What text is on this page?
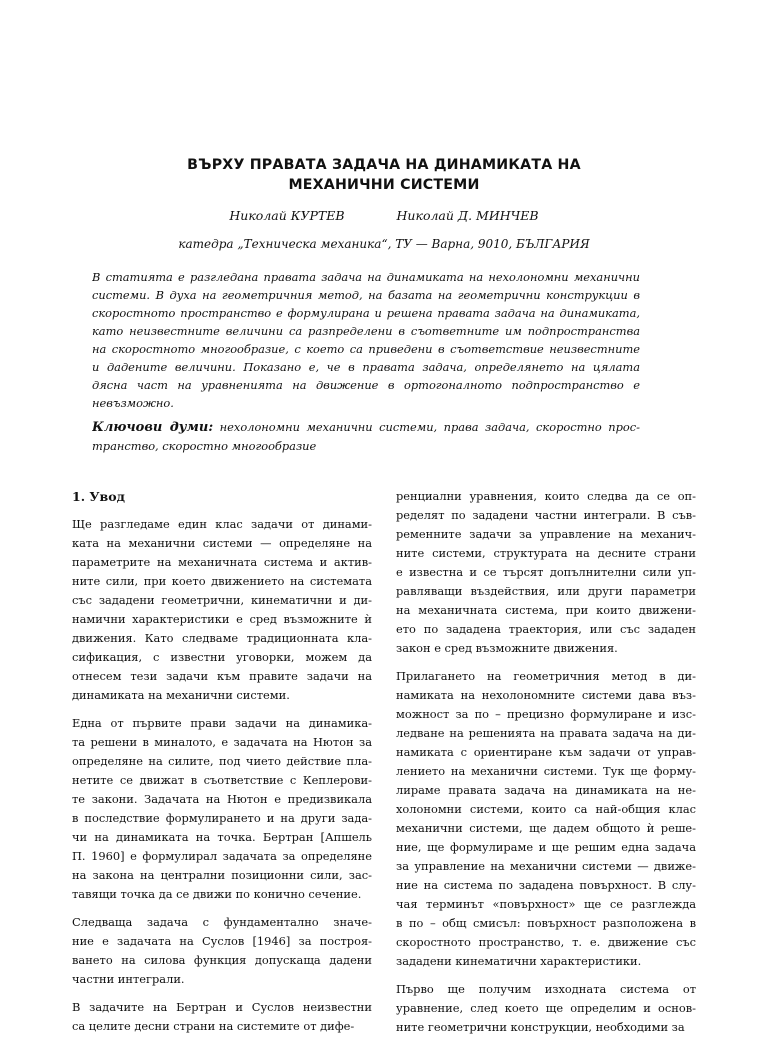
ВЪРХУ ПРАВАТА ЗАДАЧА НА ДИНАМИКАТА НА
МЕХАНИЧНИ СИСТЕМИ
Николай КУРТЕВ	Николай Д. МИНЧЕВ
катедра „Техническа механика“, ТУ — Варна, 9010, БЪЛГАРИЯ
В статията е разгледана правата задача на динамиката на нехолономни механични
системи. В духа на геометричния метод, на базата на геометрични конструкции в
скоростното пространство е формулирана и решена правата задача на динамиката,
като неизвестните величини са разпределени в съответните им подпространства
на скоростното многообразие, с което са приведени в съответствие неизвестните
и дадените величини. Показано е, че в правата задача, определянето на цялата
дясна част на уравненията на движение в ортогоналното подпространство е
невъзможно.
Ключови думи: нехолономни механични системи, права задача, скоростно прос-
транство, скоростно многообразие
1. Увод
Ще разгледаме един клас задачи от динами-
ката на механични системи — определяне на
параметрите на механичната система и актив-
ните сили, при което движението на системата
със зададени геометрични, кинематични и ди-
намични характеристики е сред възможните ѝ
движения. Като следваме традиционната кла-
сификация, с известни уговорки, можем да
отнесем тези задачи към правите задачи на
динамиката на механични системи.
Една от първите прави задачи на динамика-
та решени в миналото, е задачата на Нютон за
определяне на силите, под чието действие пла-
нетите се движат в съответствие с Кеплерови-
те закони. Задачата на Нютон е предизвикала
в последствие формулирането и на други зада-
чи на динамиката на точка. Бертран [Апшель
П. 1960] е формулирал задачата за определяне
на закона на централни позиционни сили, зас-
тавящи точка да се движи по конично сечение.
Следваща задача с фундаментално значе-
ние е задачата на Суслов [1946] за построя-
ването на силова функция допускаща дадени
частни интеграли.
В задачите на Бертран и Суслов неизвестни
са целите десни страни на системите от дифе-
ренциални уравнения, които следва да се оп-
ределят по зададени частни интеграли. В съв-
ременните задачи за управление на механич-
ните системи, структурата на десните страни
е известна и се търсят допълнителни сили уп-
равляващи въздействия, или други параметри
на механичната система, при които движени-
ето по зададена траектория, или със зададен
закон е сред възможните движения.
Прилагането на геометричния метод в ди-
намиката на нехолономните системи дава въз-
можност за по – прецизно формулиране и изс-
ледване на решенията на правата задача на ди-
намиката с ориентиране към задачи от управ-
лението на механични системи. Тук ще форму-
лираме правата задача на динамиката на не-
холономни системи, които са най-общия клас
механични системи, ще дадем общото ѝ реше-
ние, ще формулираме и ще решим една задача
за управление на механични системи — движе-
ние на система по зададена повърхност. В слу-
чая терминът «повърхност» ще се разглежда
в по – общ смисъл: повърхност разположена в
скоростното пространство, т. е. движение със
зададени кинематични характеристики.
Първо ще получим изходната система от
уравнение, след което ще определим и основ-
ните геометрични конструкции, необходими за
